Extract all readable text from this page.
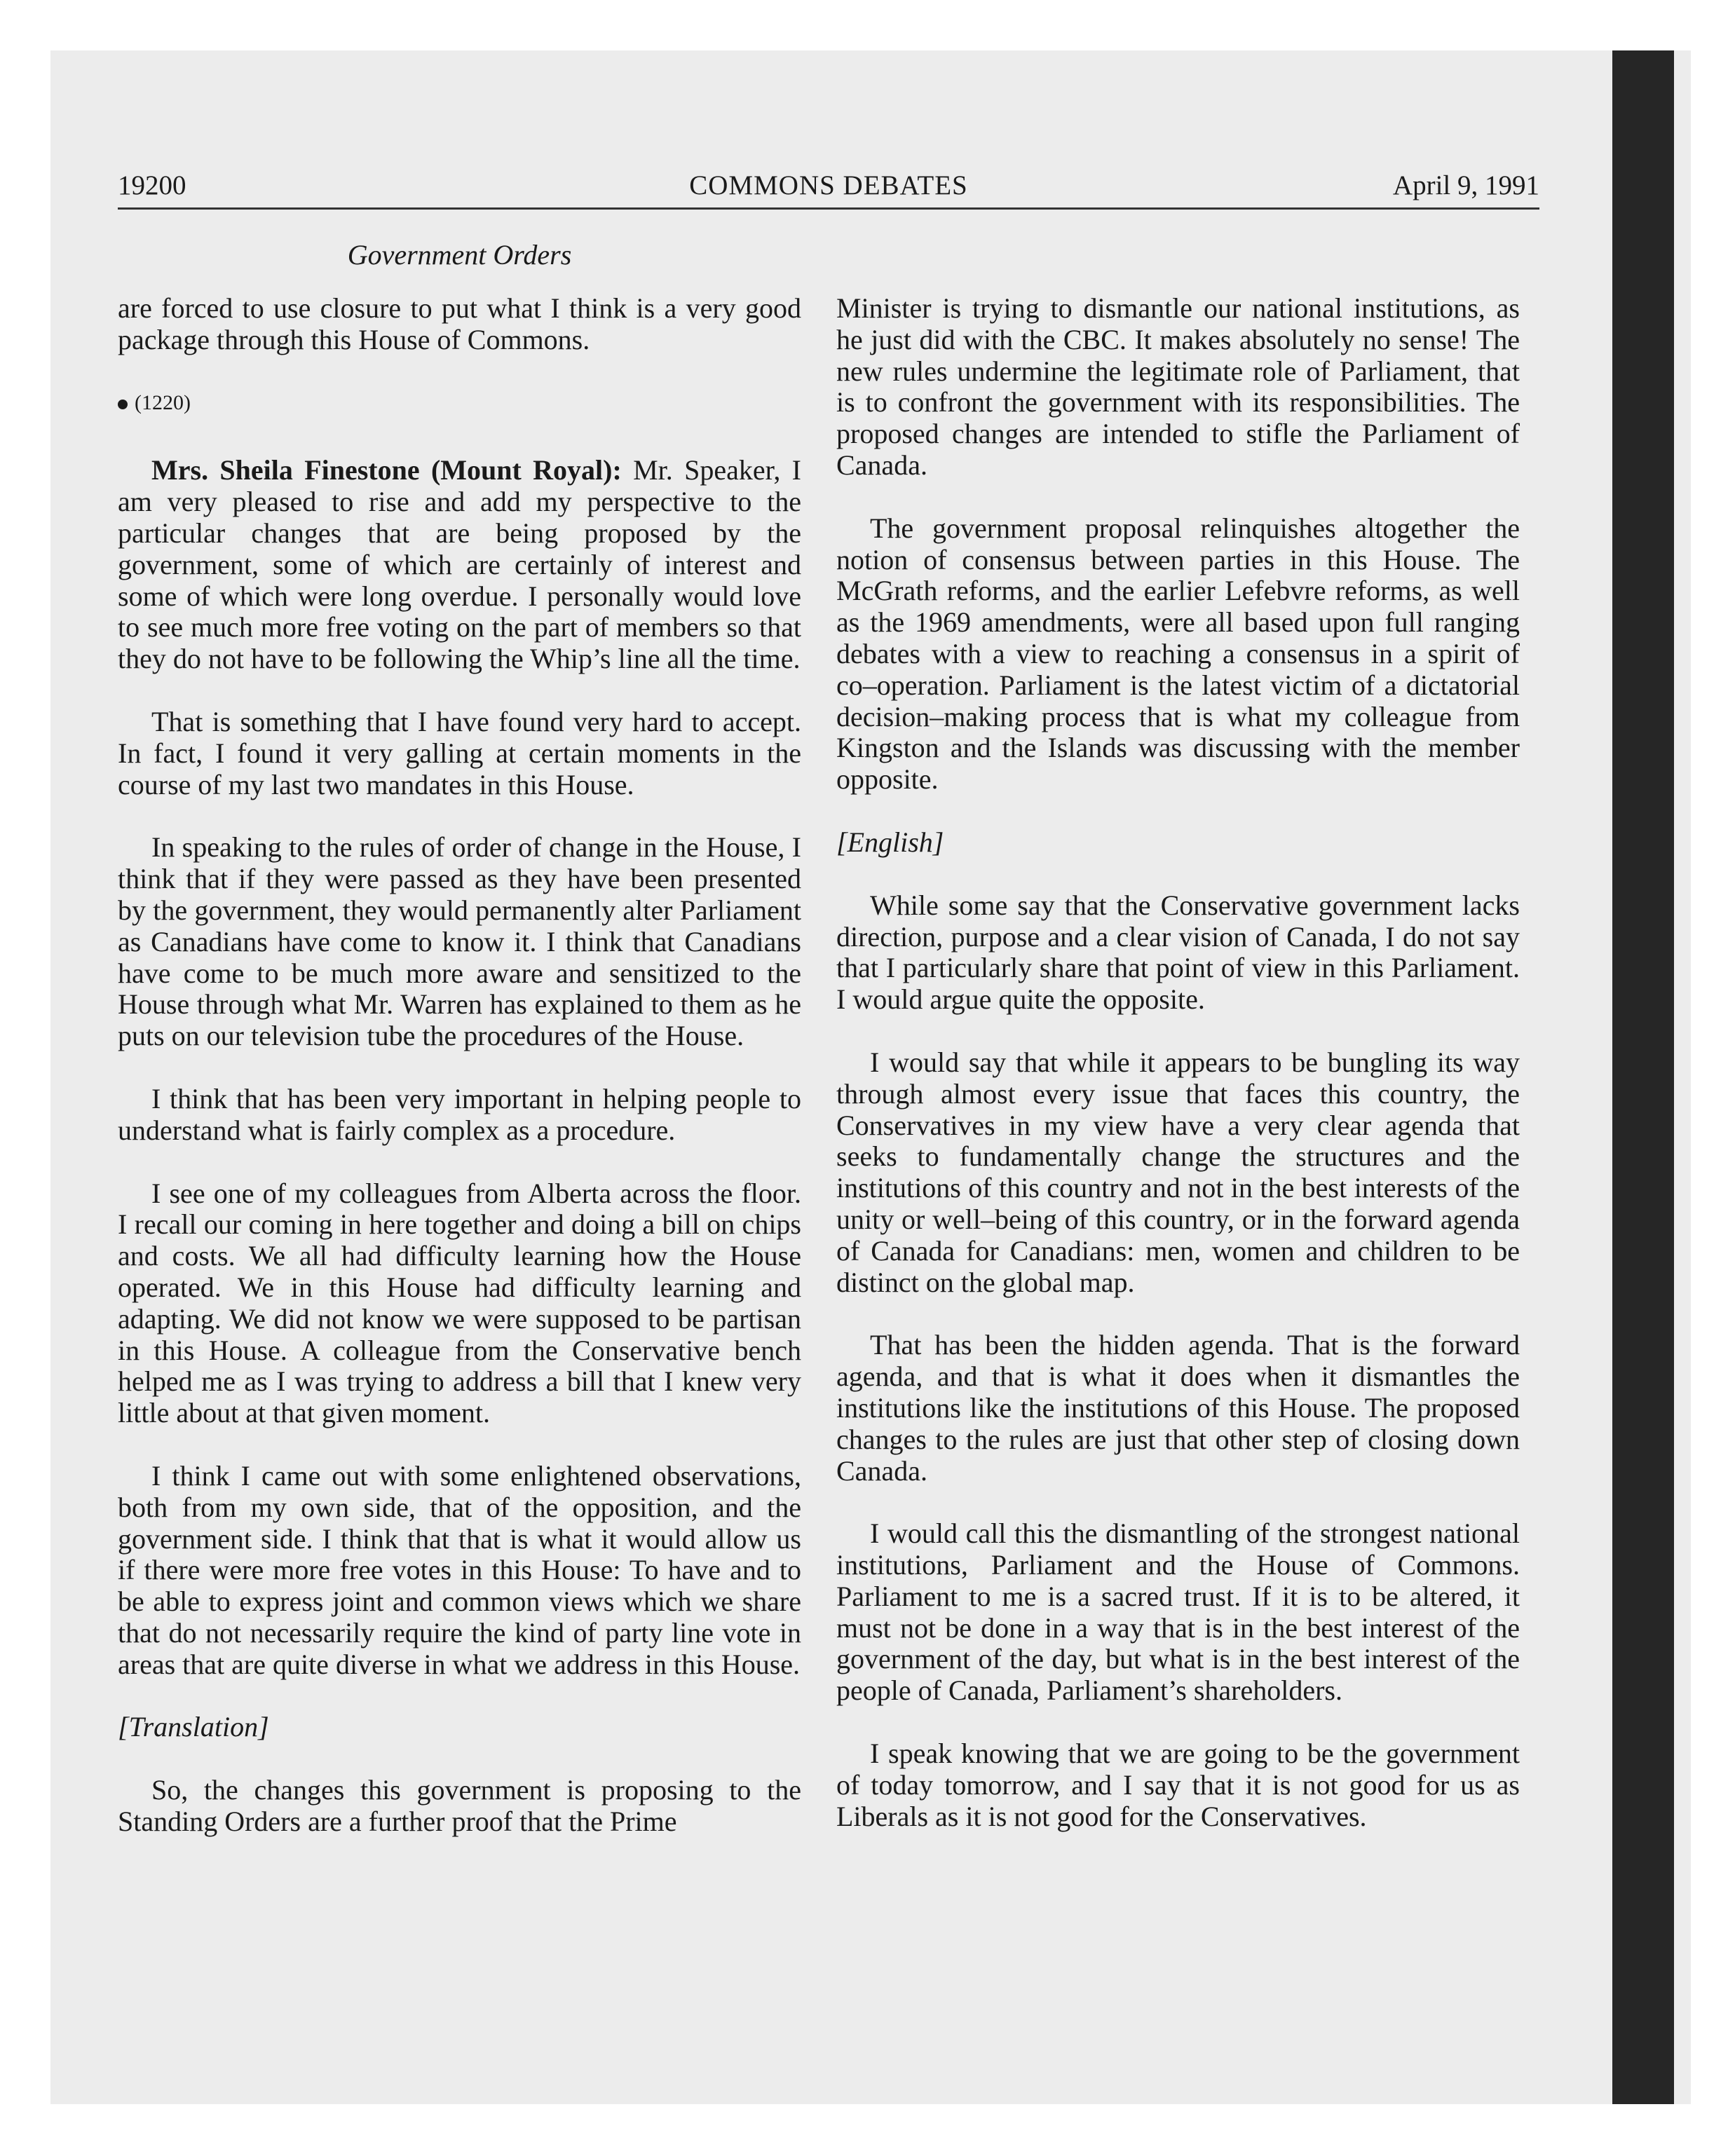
19200	COMMONS DEBATES	April 9, 1991
Government Orders

are forced to use closure to put what I think is a very good package through this House of Commons.

(1220)

Mrs. Sheila Finestone (Mount Royal): Mr. Speaker, I am very pleased to rise and add my perspective to the particular changes that are being proposed by the government, some of which are certainly of interest and some of which were long overdue. I personally would love to see much more free voting on the part of members so that they do not have to be following the Whip’s line all the time.

That is something that I have found very hard to accept. In fact, I found it very galling at certain moments in the course of my last two mandates in this House.

In speaking to the rules of order of change in the House, I think that if they were passed as they have been presented by the government, they would permanently alter Parliament as Canadians have come to know it. I think that Canadians have come to be much more aware and sensitized to the House through what Mr. Warren has explained to them as he puts on our television tube the procedures of the House.

I think that has been very important in helping people to understand what is fairly complex as a procedure.

I see one of my colleagues from Alberta across the floor. I recall our coming in here together and doing a bill on chips and costs. We all had difficulty learning how the House operated. We in this House had difficulty learning and adapting. We did not know we were supposed to be partisan in this House. A colleague from the Conservative bench helped me as I was trying to address a bill that I knew very little about at that given moment.

I think I came out with some enlightened observations, both from my own side, that of the opposition, and the government side. I think that that is what it would allow us if there were more free votes in this House: To have and to be able to express joint and common views which we share that do not necessarily require the kind of party line vote in areas that are quite diverse in what we address in this House.

[Translation]

So, the changes this government is proposing to the Standing Orders are a further proof that the Prime

Minister is trying to dismantle our national institutions, as he just did with the CBC. It makes absolutely no sense! The new rules undermine the legitimate role of Parliament, that is to confront the government with its responsibilities. The proposed changes are intended to stifle the Parliament of Canada.

The government proposal relinquishes altogether the notion of consensus between parties in this House. The McGrath reforms, and the earlier Lefebvre reforms, as well as the 1969 amendments, were all based upon full ranging debates with a view to reaching a consensus in a spirit of co–operation. Parliament is the latest victim of a dictatorial decision–making process that is what my colleague from Kingston and the Islands was discussing with the member opposite.

[English]

While some say that the Conservative government lacks direction, purpose and a clear vision of Canada, I do not say that I particularly share that point of view in this Parliament. I would argue quite the opposite.

I would say that while it appears to be bungling its way through almost every issue that faces this country, the Conservatives in my view have a very clear agenda that seeks to fundamentally change the structures and the institutions of this country and not in the best interests of the unity or well–being of this country, or in the forward agenda of Canada for Canadians: men, women and children to be distinct on the global map.

That has been the hidden agenda. That is the forward agenda, and that is what it does when it dismantles the institutions like the institutions of this House. The proposed changes to the rules are just that other step of closing down Canada.

I would call this the dismantling of the strongest national institutions, Parliament and the House of Commons. Parliament to me is a sacred trust. If it is to be altered, it must not be done in a way that is in the best interest of the government of the day, but what is in the best interest of the people of Canada, Parliament’s shareholders.

I speak knowing that we are going to be the government of today tomorrow, and I say that it is not good for us as Liberals as it is not good for the Conservatives.
